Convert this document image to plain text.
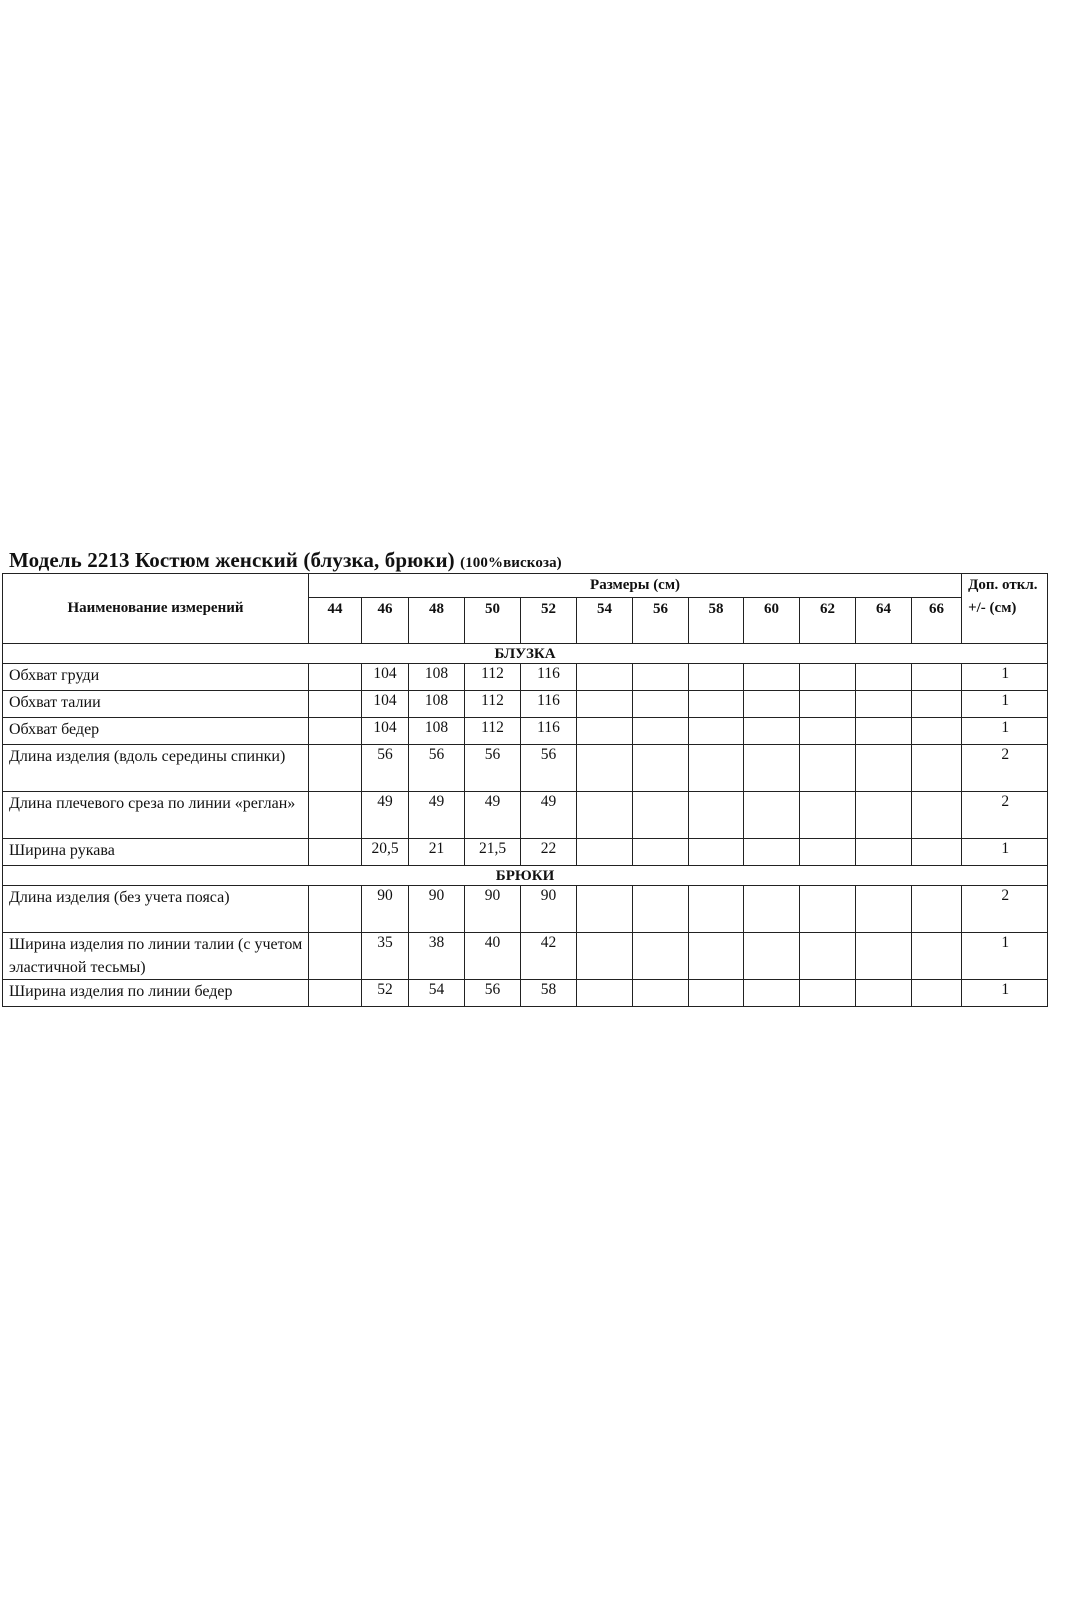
Модель 2213 Костюм женский (блузка, брюки) (100%вискоза)
Наименование измерений	Размеры (см)												Доп. откл. +/- (см)
	44	46	48	50	52	54	56	58	60	62	64	66	
БЛУЗКА													
Обхват груди		104	108	112	116								1
Обхват талии		104	108	112	116								1
Обхват бедер		104	108	112	116								1
Длина изделия (вдоль середины спинки)		56	56	56	56								2
Длина плечевого среза по линии «реглан»		49	49	49	49								2
Ширина рукава		20,5	21	21,5	22								1
БРЮКИ													
Длина изделия (без учета пояса)		90	90	90	90								2
Ширина изделия по линии талии (с учетом эластичной тесьмы)		35	38	40	42								1
Ширина изделия по линии бедер		52	54	56	58								1
